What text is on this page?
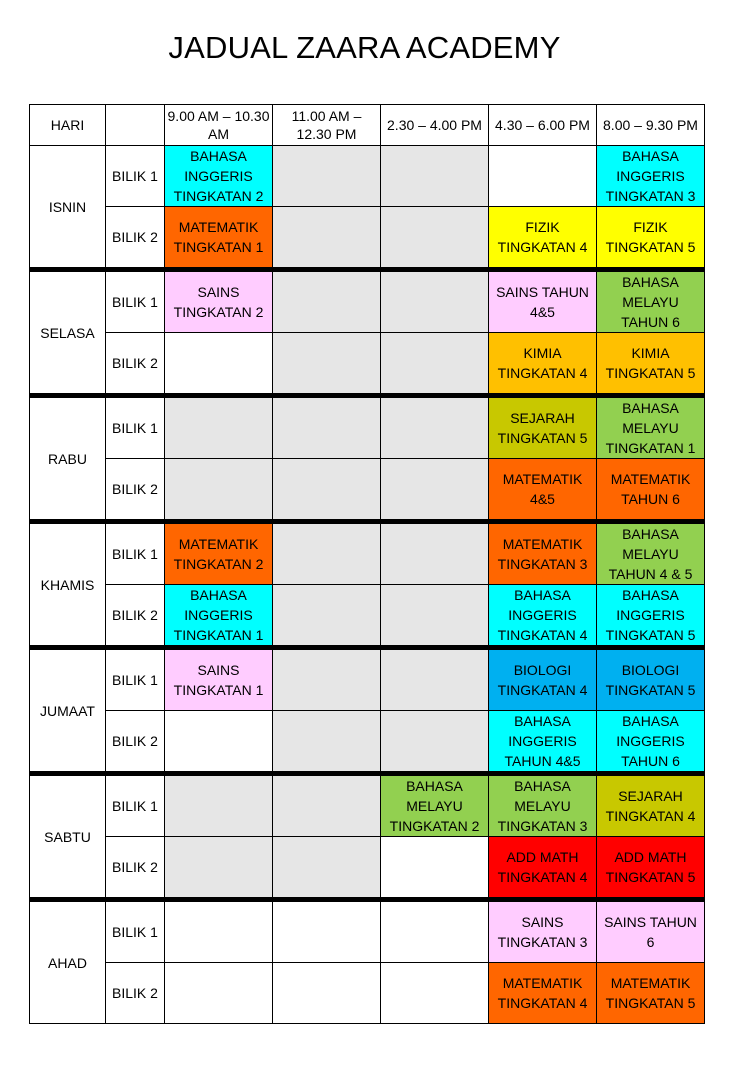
JADUAL ZAARA ACADEMY
HARI		9.00 AM – 10.30 AM	11.00 AM – 12.30 PM	2.30 – 4.00 PM	4.30 – 6.00 PM	8.00 – 9.30 PM
ISNIN	BILIK 1	BAHASA INGGERIS TINGKATAN 2				BAHASA INGGERIS TINGKATAN 3
	BILIK 2	MATEMATIK TINGKATAN 1			FIZIK TINGKATAN 4	FIZIK TINGKATAN 5
SELASA	BILIK 1	SAINS TINGKATAN 2			SAINS TAHUN 4&5	BAHASA MELAYU TAHUN 6
	BILIK 2				KIMIA TINGKATAN 4	KIMIA TINGKATAN 5
RABU	BILIK 1				SEJARAH TINGKATAN 5	BAHASA MELAYU TINGKATAN 1
	BILIK 2				MATEMATIK 4&5	MATEMATIK TAHUN 6
KHAMIS	BILIK 1	MATEMATIK TINGKATAN 2			MATEMATIK TINGKATAN 3	BAHASA MELAYU TAHUN 4 & 5
	BILIK 2	BAHASA INGGERIS TINGKATAN 1			BAHASA INGGERIS TINGKATAN 4	BAHASA INGGERIS TINGKATAN 5
JUMAAT	BILIK 1	SAINS TINGKATAN 1			BIOLOGI TINGKATAN 4	BIOLOGI TINGKATAN 5
	BILIK 2				BAHASA INGGERIS TAHUN 4&5	BAHASA INGGERIS TAHUN 6
SABTU	BILIK 1			BAHASA MELAYU TINGKATAN 2	BAHASA MELAYU TINGKATAN 3	SEJARAH TINGKATAN 4
	BILIK 2				ADD MATH TINGKATAN 4	ADD MATH TINGKATAN 5
AHAD	BILIK 1				SAINS TINGKATAN 3	SAINS TAHUN 6
	BILIK 2				MATEMATIK TINGKATAN 4	MATEMATIK TINGKATAN 5
